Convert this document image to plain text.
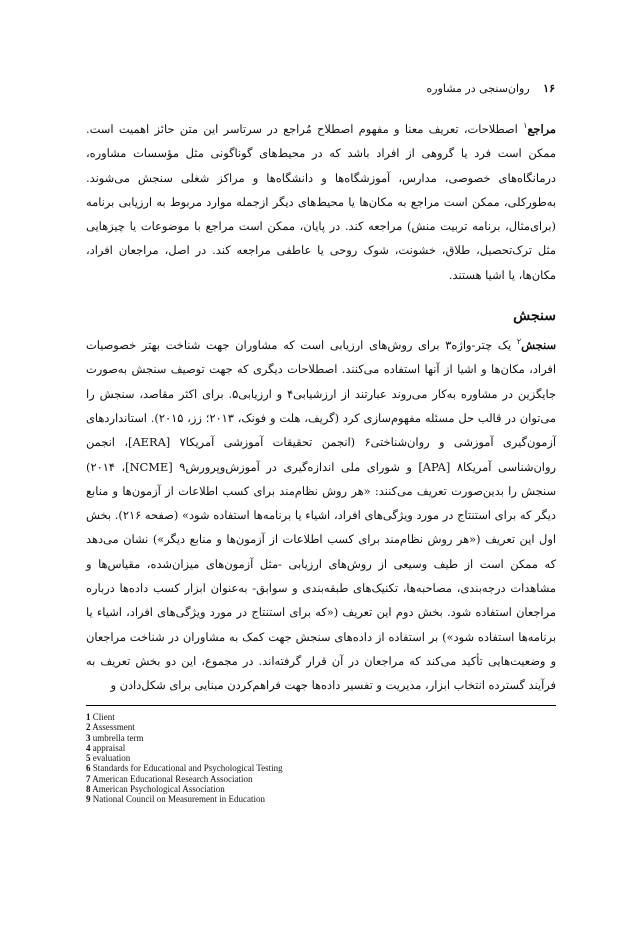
۱۶ روان‌سنجی در مشاوره

مراجع$^۱$ اصطلاحات، تعریف معنا و مفهوم اصطلاح مُراجع در سرتاسر این متن حائز اهمیت است. ممکن است فرد یا گروهی از افراد باشد که در محیط‌های گوناگونی مثل مؤسسات مشاوره، درمانگاه‌های خصوصی، مدارس، آموزشگاه‌ها و دانشگاه‌ها و مراکز شغلی سنجش می‌شوند. به‌طورکلی، ممکن است مراجع به مکان‌ها یا محیط‌های دیگر ازجمله موارد مربوط به ارزیابی برنامه (برای‌مثال، برنامه تربیت منش) مراجعه کند. در پایان، ممکن است مراجع با موضوعات یا چیزهایی مثل ترک‌تحصیل، طلاق، خشونت، شوک روحی یا عاطفی مراجعه کند. در اصل، مراجعان افراد، مکان‌ها، یا اشیا هستند.

سنجش

سنجش$^۲$ یک چتر-واژه۳ برای روش‌های ارزیابی است که مشاوران جهت شناخت بهتر خصوصیات افراد، مکان‌ها و اشیا از آنها استفاده می‌کنند. اصطلاحات دیگری که جهت توصیف سنجش به‌صورت جایگزین در مشاوره به‌کار می‌روند عبارتند از ارزشیابی۴ و ارزیابی۵. برای اکثر مقاصد، سنجش را می‌توان در قالب حل مسئله مفهوم‌سازی کرد (گریف، هلت و فونک، ۲۰۱۳؛ زز، ۲۰۱۵). استانداردهای آزمون‌گیری آموزشی و روان‌شناختی۶ (انجمن تحقیقات آموزشی آمریکا۷ [AERA]، انجمن روان‌شناسی آمریکا۸ [APA] و شورای ملی اندازه‌گیری در آموزش‌وپرورش۹ [NCME]، ۲۰۱۴) سنجش را بدین‌صورت تعریف می‌کنند: «هر روش نظام‌مند برای کسب اطلاعات از آزمون‌ها و منابع دیگر که برای استنتاج در مورد ویژگی‌های افراد، اشیاء یا برنامه‌ها استفاده شود» (صفحه ۲۱۶). بخش اول این تعریف («هر روش نظام‌مند برای کسب اطلاعات از آزمون‌ها و منابع دیگر») نشان می‌دهد که ممکن است از طیف وسیعی از روش‌های ارزیابی -مثل آزمون‌های میزان‌شده، مقیاس‌ها و مشاهدات درجه‌بندی، مصاحبه‌ها، تکنیک‌های طبقه‌بندی و سوابق- به‌عنوان ابزار کسب داده‌ها درباره مراجعان استفاده شود. بخش دوم این تعریف («که برای استنتاج در مورد ویژگی‌های افراد، اشیاء یا برنامه‌ها استفاده شود») بر استفاده از داده‌های سنجش جهت کمک به مشاوران در شناخت مراجعان و وضعیت‌هایی تأکید می‌کند که مراجعان در آن قرار گرفته‌اند. در مجموع، این دو بخش تعریف به فرآیند گسترده انتخاب ابزار، مدیریت و تفسیر داده‌ها جهت فراهم‌کردن مبنایی برای شکل‌دادن و

1 Client
2 Assessment
3 umbrella term
4 appraisal
5 evaluation
6 Standards for Educational and Psychological Testing
7 American Educational Research Association
8 American Psychological Association
9 National Council on Measurement in Education
